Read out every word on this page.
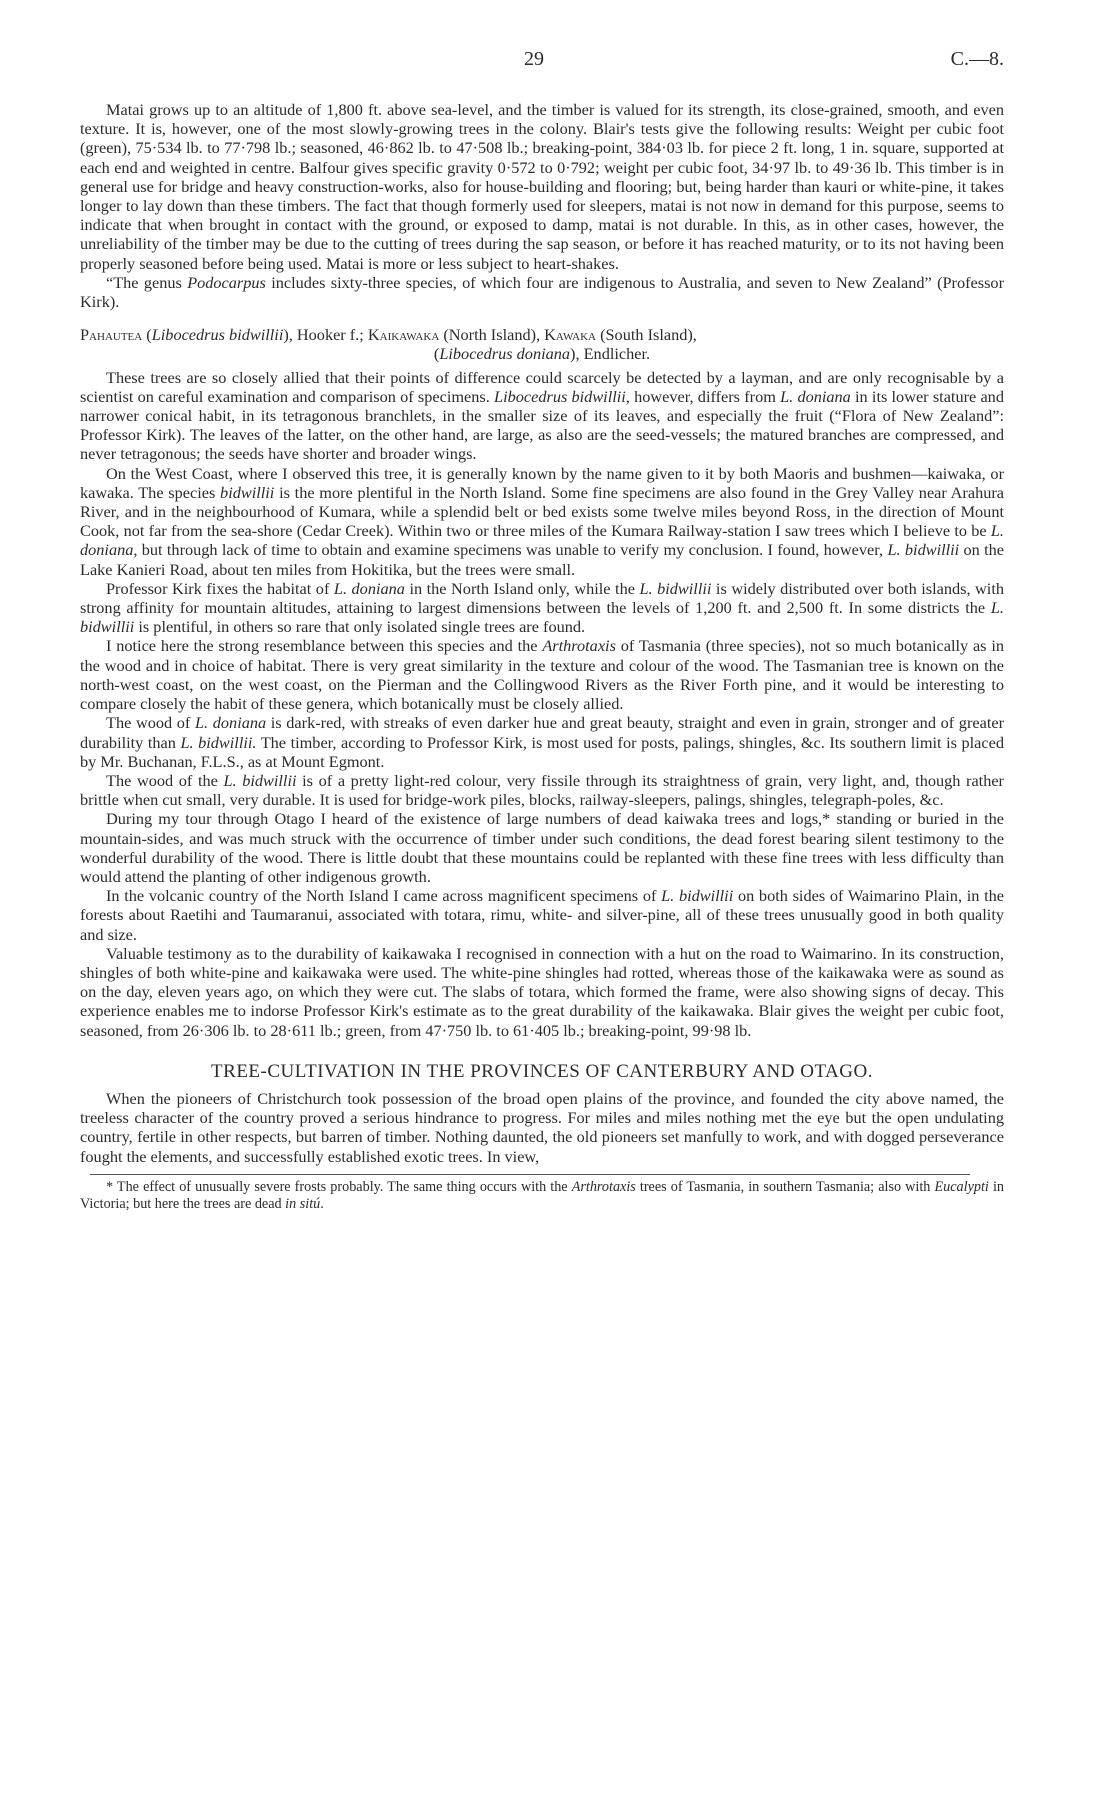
29	C.—8.

Matai grows up to an altitude of 1,800 ft. above sea-level, and the timber is valued for its strength, its close-grained, smooth, and even texture. It is, however, one of the most slowly-growing trees in the colony. Blair's tests give the following results: Weight per cubic foot (green), 75·534 lb. to 77·798 lb.; seasoned, 46·862 lb. to 47·508 lb.; breaking-point, 384·03 lb. for piece 2 ft. long, 1 in. square, supported at each end and weighted in centre. Balfour gives specific gravity 0·572 to 0·792; weight per cubic foot, 34·97 lb. to 49·36 lb. This timber is in general use for bridge and heavy construction-works, also for house-building and flooring; but, being harder than kauri or white-pine, it takes longer to lay down than these timbers. The fact that though formerly used for sleepers, matai is not now in demand for this purpose, seems to indicate that when brought in contact with the ground, or exposed to damp, matai is not durable. In this, as in other cases, however, the unreliability of the timber may be due to the cutting of trees during the sap season, or before it has reached maturity, or to its not having been properly seasoned before being used. Matai is more or less subject to heart-shakes.

“The genus Podocarpus includes sixty-three species, of which four are indigenous to Australia, and seven to New Zealand” (Professor Kirk).

Pahautea (Libocedrus bidwillii), Hooker f.; Kaikawaka (North Island), Kawaka (South Island),
(Libocedrus doniana), Endlicher.

These trees are so closely allied that their points of difference could scarcely be detected by a layman, and are only recognisable by a scientist on careful examination and comparison of specimens. Libocedrus bidwillii, however, differs from L. doniana in its lower stature and narrower conical habit, in its tetragonous branchlets, in the smaller size of its leaves, and especially the fruit (“Flora of New Zealand”: Professor Kirk). The leaves of the latter, on the other hand, are large, as also are the seed-vessels; the matured branches are compressed, and never tetragonous; the seeds have shorter and broader wings.

On the West Coast, where I observed this tree, it is generally known by the name given to it by both Maoris and bushmen—kaiwaka, or kawaka. The species bidwillii is the more plentiful in the North Island. Some fine specimens are also found in the Grey Valley near Arahura River, and in the neighbourhood of Kumara, while a splendid belt or bed exists some twelve miles beyond Ross, in the direction of Mount Cook, not far from the sea-shore (Cedar Creek). Within two or three miles of the Kumara Railway-station I saw trees which I believe to be L. doniana, but through lack of time to obtain and examine specimens was unable to verify my conclusion. I found, however, L. bidwillii on the Lake Kanieri Road, about ten miles from Hokitika, but the trees were small.

Professor Kirk fixes the habitat of L. doniana in the North Island only, while the L. bidwillii is widely distributed over both islands, with strong affinity for mountain altitudes, attaining to largest dimensions between the levels of 1,200 ft. and 2,500 ft. In some districts the L. bidwillii is plentiful, in others so rare that only isolated single trees are found.

I notice here the strong resemblance between this species and the Arthrotaxis of Tasmania (three species), not so much botanically as in the wood and in choice of habitat. There is very great similarity in the texture and colour of the wood. The Tasmanian tree is known on the north-west coast, on the west coast, on the Pierman and the Collingwood Rivers as the River Forth pine, and it would be interesting to compare closely the habit of these genera, which botanically must be closely allied.

The wood of L. doniana is dark-red, with streaks of even darker hue and great beauty, straight and even in grain, stronger and of greater durability than L. bidwillii. The timber, according to Professor Kirk, is most used for posts, palings, shingles, &c. Its southern limit is placed by Mr. Buchanan, F.L.S., as at Mount Egmont.

The wood of the L. bidwillii is of a pretty light-red colour, very fissile through its straightness of grain, very light, and, though rather brittle when cut small, very durable. It is used for bridge-work piles, blocks, railway-sleepers, palings, shingles, telegraph-poles, &c.

During my tour through Otago I heard of the existence of large numbers of dead kaiwaka trees and logs,* standing or buried in the mountain-sides, and was much struck with the occurrence of timber under such conditions, the dead forest bearing silent testimony to the wonderful durability of the wood. There is little doubt that these mountains could be replanted with these fine trees with less difficulty than would attend the planting of other indigenous growth.

In the volcanic country of the North Island I came across magnificent specimens of L. bidwillii on both sides of Waimarino Plain, in the forests about Raetihi and Taumaranui, associated with totara, rimu, white- and silver-pine, all of these trees unusually good in both quality and size.

Valuable testimony as to the durability of kaikawaka I recognised in connection with a hut on the road to Waimarino. In its construction, shingles of both white-pine and kaikawaka were used. The white-pine shingles had rotted, whereas those of the kaikawaka were as sound as on the day, eleven years ago, on which they were cut. The slabs of totara, which formed the frame, were also showing signs of decay. This experience enables me to indorse Professor Kirk's estimate as to the great durability of the kaikawaka. Blair gives the weight per cubic foot, seasoned, from 26·306 lb. to 28·611 lb.; green, from 47·750 lb. to 61·405 lb.; breaking-point, 99·98 lb.

TREE-CULTIVATION IN THE PROVINCES OF CANTERBURY AND OTAGO.

When the pioneers of Christchurch took possession of the broad open plains of the province, and founded the city above named, the treeless character of the country proved a serious hindrance to progress. For miles and miles nothing met the eye but the open undulating country, fertile in other respects, but barren of timber. Nothing daunted, the old pioneers set manfully to work, and with dogged perseverance fought the elements, and successfully established exotic trees. In view,

* The effect of unusually severe frosts probably. The same thing occurs with the Arthrotaxis trees of Tasmania, in southern Tasmania; also with Eucalypti in Victoria; but here the trees are dead in sitú.
